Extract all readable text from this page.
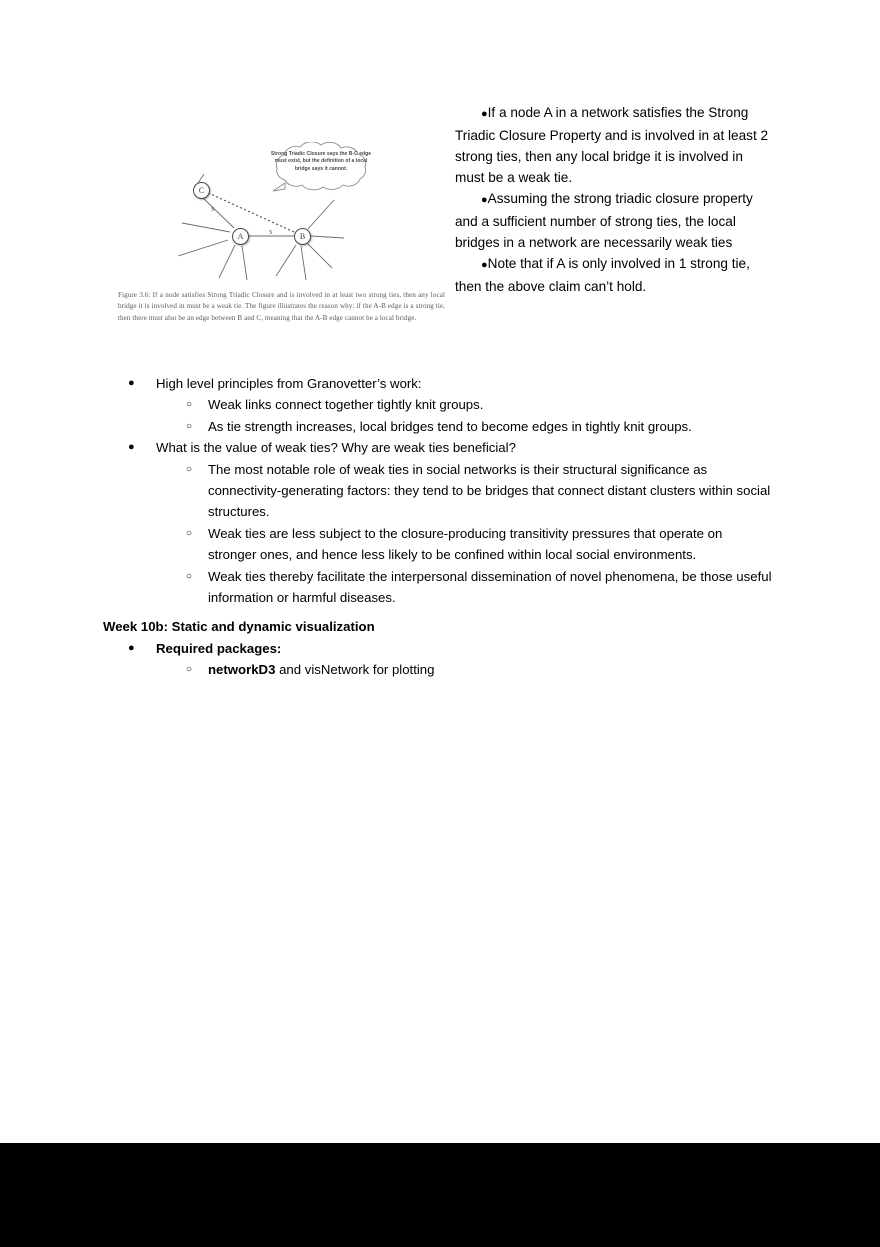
Strong Triadic Closure says the B-C edge must exist, but the definition of a local bridge says it cannot.
C
A	B
S
S
Figure 3.6: If a node satisfies Strong Triadic Closure and is involved in at least two strong ties, then any local bridge it is involved in must be a weak tie. The figure illustrates the reason why: if the A-B edge is a strong tie, then there must also be an edge between B and C, meaning that the A-B edge cannot be a local bridge.
●If a node A in a network satisfies the Strong Triadic Closure Property and is involved in at least 2 strong ties, then any local bridge it is involved in must be a weak tie.
●Assuming the strong triadic closure property and a sufficient number of strong ties, the local bridges in a network are necessarily weak ties
●Note that if A is only involved in 1 strong tie, then the above claim can’t hold.
●	High level principles from Granovetter’s work:
○	Weak links connect together tightly knit groups.
○	As tie strength increases, local bridges tend to become edges in tightly knit groups.
●	What is the value of weak ties? Why are weak ties beneficial?
○	The most notable role of weak ties in social networks is their structural significance as connectivity-generating factors: they tend to be bridges that connect distant clusters within social structures.
○	Weak ties are less subject to the closure-producing transitivity pressures that operate on stronger ones, and hence less likely to be confined within local social environments.
○	Weak ties thereby facilitate the interpersonal dissemination of novel phenomena, be those useful information or harmful diseases.
Week 10b: Static and dynamic visualization
●	Required packages:
○	networkD3 and visNetwork for plotting
